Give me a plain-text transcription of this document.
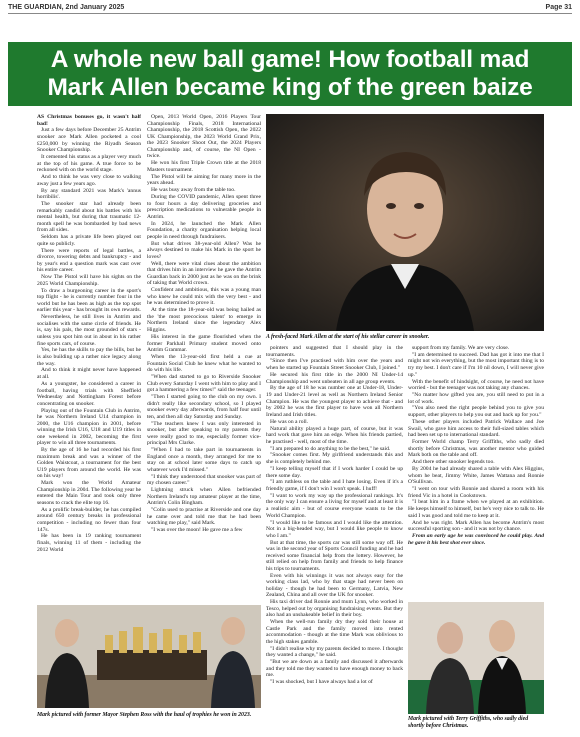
THE GUARDIAN, 2nd January 2025	Page 31
A whole new ball game! How football mad
Mark Allen became king of the green baize

AS Christmas bonuses go, it wasn't half bad!

Just a few days before December 25 Antrim snooker ace Mark Allen pocketed a cool £250,000 by winning the Riyadh Season Snooker Championship.

It cemented his status as a player very much at the top of his game. A true force to be reckoned with on the world stage.

And to think he was very close to walking away just a few years ago.

By any standard 2021 was Mark's 'annus horribilis'.

The snooker star had already been remarkably candid about his battles with his mental health, but during that traumatic 12-month spell he was bombarded by bad news from all sides.

Seldom has a private life been played out quite so publicly.

There were reports of legal battles, a divorce, towering debts and bankruptcy - and by year's end a question mark was cast over his entire career.

Now The Pistol will have his sights on the 2025 World Championship.

To draw a burgeoning career in the sport's top flight - he is currently number four in the world but he has been as high as the top spot earlier this year - has brought its own rewards.

Nevertheless, he still lives in Antrim and socialises with the same circle of friends. He is, say his pals, the most grounded of stars - unless you spot him out in about in his rather fine sports cars, of course.

Yes, he has the skills to pay the bills, but he is also building up a rather nice legacy along the way.

And to think it might never have happened at all.

As a youngster, he considered a career in football, having trials with Sheffield Wednesday and Nottingham Forest before concentrating on snooker.

Playing out of the Fountain Club in Antrim, he was Northern Ireland U14 champion in 2000, the U16 champion in 2001, before winning the Irish U16, U18 and U19 titles in one weekend in 2002, becoming the first player to win all three tournaments.

By the age of 16 he had recorded his first maximum break and was a winner of the Golden Waistcoat, a tournament for the best U19 players from around the world. He was on his way!

Mark won the World Amateur Championship in 2004. The following year he entered the Main Tour and took only three seasons to crack the elite top 16.

As a prolific break-builder, he has compiled around 650 century breaks in professional competition - including no fewer than four 147s.

He has been in 19 ranking tournament finals, winning 11 of them - including the 2012 World

Open, 2013 World Open, 2016 Players Tour Championship Finals, 2018 International Championship, the 2018 Scottish Open, the 2022 UK Championship, the 2023 World Grand Prix, the 2023 Snooker Shoot Out, the 2024 Players Championship and, of course, the NI Open - twice.

He won his first Triple Crown title at the 2018 Masters tournament.

The Pistol will be aiming for many more in the years ahead.

He was busy away from the table too.

During the COVID pandemic, Allen spent three to four hours a day delivering groceries and prescription medications to vulnerable people in Antrim.

In 2024, he launched the Mark Allen Foundation, a charity organisation helping local people in need through fundraisers.

But what drives 38-year-old Allen? Was he always destined to make his Mark in the sport he loves?

Well, there were vital clues about the ambition that drives him in an interview he gave the Antrim Guardian back in 2000 just as he was on the brink of taking that World crown.

Confident and ambitious, this was a young man who knew he could mix with the very best - and he was determined to prove it.

At the time the 18-year-old was being hailed as the 'the most precocious talent' to emerge in Northern Ireland since the legendary Alex Higgins.

His interest in the game flourished when the former Parkhall Primary student moved onto Antrim Grammar.

When the 13-year-old first held a cue at Fountain Social Club he knew what he wanted to do with his life.

"When dad started to go to Riverside Snooker Club every Saturday I went with him to play and I got a hammering a few times!" said the teenager.

"Then I started going to the club on my own. I didn't really like secondary school, so I played snooker every day afterwards, from half four until ten, and then all day Saturday and Sunday.

"The teachers knew I was only interested in snooker, but after speaking to my parents they were really good to me, especially former vice-principal Mrs Clarke.

"When I had to take part in tournaments in England once a month, they arranged for me to stay on at school later some days to catch up whatever work I'd missed."

"I think they understood that snooker was part of my chosen career."

Lightning struck when Allen befriended Northern Ireland's top amateur player at the time, Antrim's Colin Bingham.

"Colin used to practise at Riverside and one day he came over and told me that he had been watching me play," said Mark.

"I was over the moon! He gave me a few

A fresh-faced Mark Allen at the start of his stellar career in snooker.

pointers and suggested that I should play in the tournaments.

"Since then I've practised with him over the years and when he started up Fountain Street Snooker Club, I joined."

He secured his first title in the 2000 NI Under-14 Championship and went unbeaten in all age group events.

By the age of 18 he was number one at Under-18, Under-19 and Under-21 level as well as Northern Ireland Senior Champion. He was the youngest player to achieve that - and by 2002 he was the first player to have won all Northern Ireland and Irish titles.

He was on a roll.

Natural ability played a huge part, of course, but it was hard work that gave him an edge. When his friends partied, he practised - well, most of the time.

"I am prepared to do anything to be the best," he said.

"Snooker comes first. My girlfriend understands this and she is completely behind me.

"I keep telling myself that if I work harder I could be up there some day.

"I am ruthless on the table and I hate losing. Even if it's a friendly game, if I don't win I won't speak. I huff!

"I want to work my way up the professional rankings. It's the only way I can ensure a living for myself and at least it is a realistic aim - but of course everyone wants to be the World Champion.

"I would like to be famous and I would like the attention. Not in a big-headed way, but I would like people to know who I am."

But at that time, the sports car was still some way off. He was in the second year of Sports Council funding and he had received some financial help from the lottery. However, he still relied on help from family and friends to help finance his trips to tournaments.

Even with his winnings it was not always easy for the working class lad, who by that stage had never been on holiday - though he had been to Germany, Latvia, New Zealand, China and all over the UK for snooker.

His taxi driver dad Ronnie and mum Lynn, who worked in Tesco, helped out by organising fundraising events. But they also had an unshakeable belief in their boy.

When the well-run family dry they sold their house at Castle Park and the family moved into rented accommodation - though at the time Mark was oblivious to the high stakes gamble.

"I didn't realise why my parents decided to move. I thought they wanted a change," he said.

"But we are down as a family and discussed it afterwards and they told me they wanted to have enough money to back me.

"I was shocked, but I have always had a lot of

support from my family. We are very close.

"I am determined to succeed. Dad has got it into me that I might not win everything, but the most important thing is to try my best. I don't care if I'm 10 nil down, I will never give up."

With the benefit of hindsight, of course, he need not have worried - but the teenager was not taking any chances.

"No matter how gifted you are, you still need to put in a lot of work.

"You also need the right people behind you to give you support, other players to help you out and back up for you."

These other players included Patrick Wallace and Joe Swail, who gave him access to their full-sized tables which had been set up to international standard.

Former World champ Terry Griffiths, who sadly died shortly before Christmas, was another mentor who guided Mark both on the table and off.

And there other snooker legends too.

By 2004 he had already shared a table with Alex Higgins, whom he beat, Jimmy White, James Wattana and Ronnie O'Sullivan.

"I went on tour with Ronnie and shared a room with his friend Vic in a hotel in Cookstown.

"I beat him in a frame when we played at an exhibition. He keeps himself to himself, but he's very nice to talk to. He said I was good and told me to keep at it.

And he was right. Mark Allen has become Antrim's most successful sporting son - and it was not by chance.

From an early age he was convinced he could play. And he gave it his best shot ever since.

Mark pictured with former Mayor Stephen Ross with the haul of trophies he won in 2023.
Mark pictured with Terry Griffiths, who sadly died shortly before Christmas.
